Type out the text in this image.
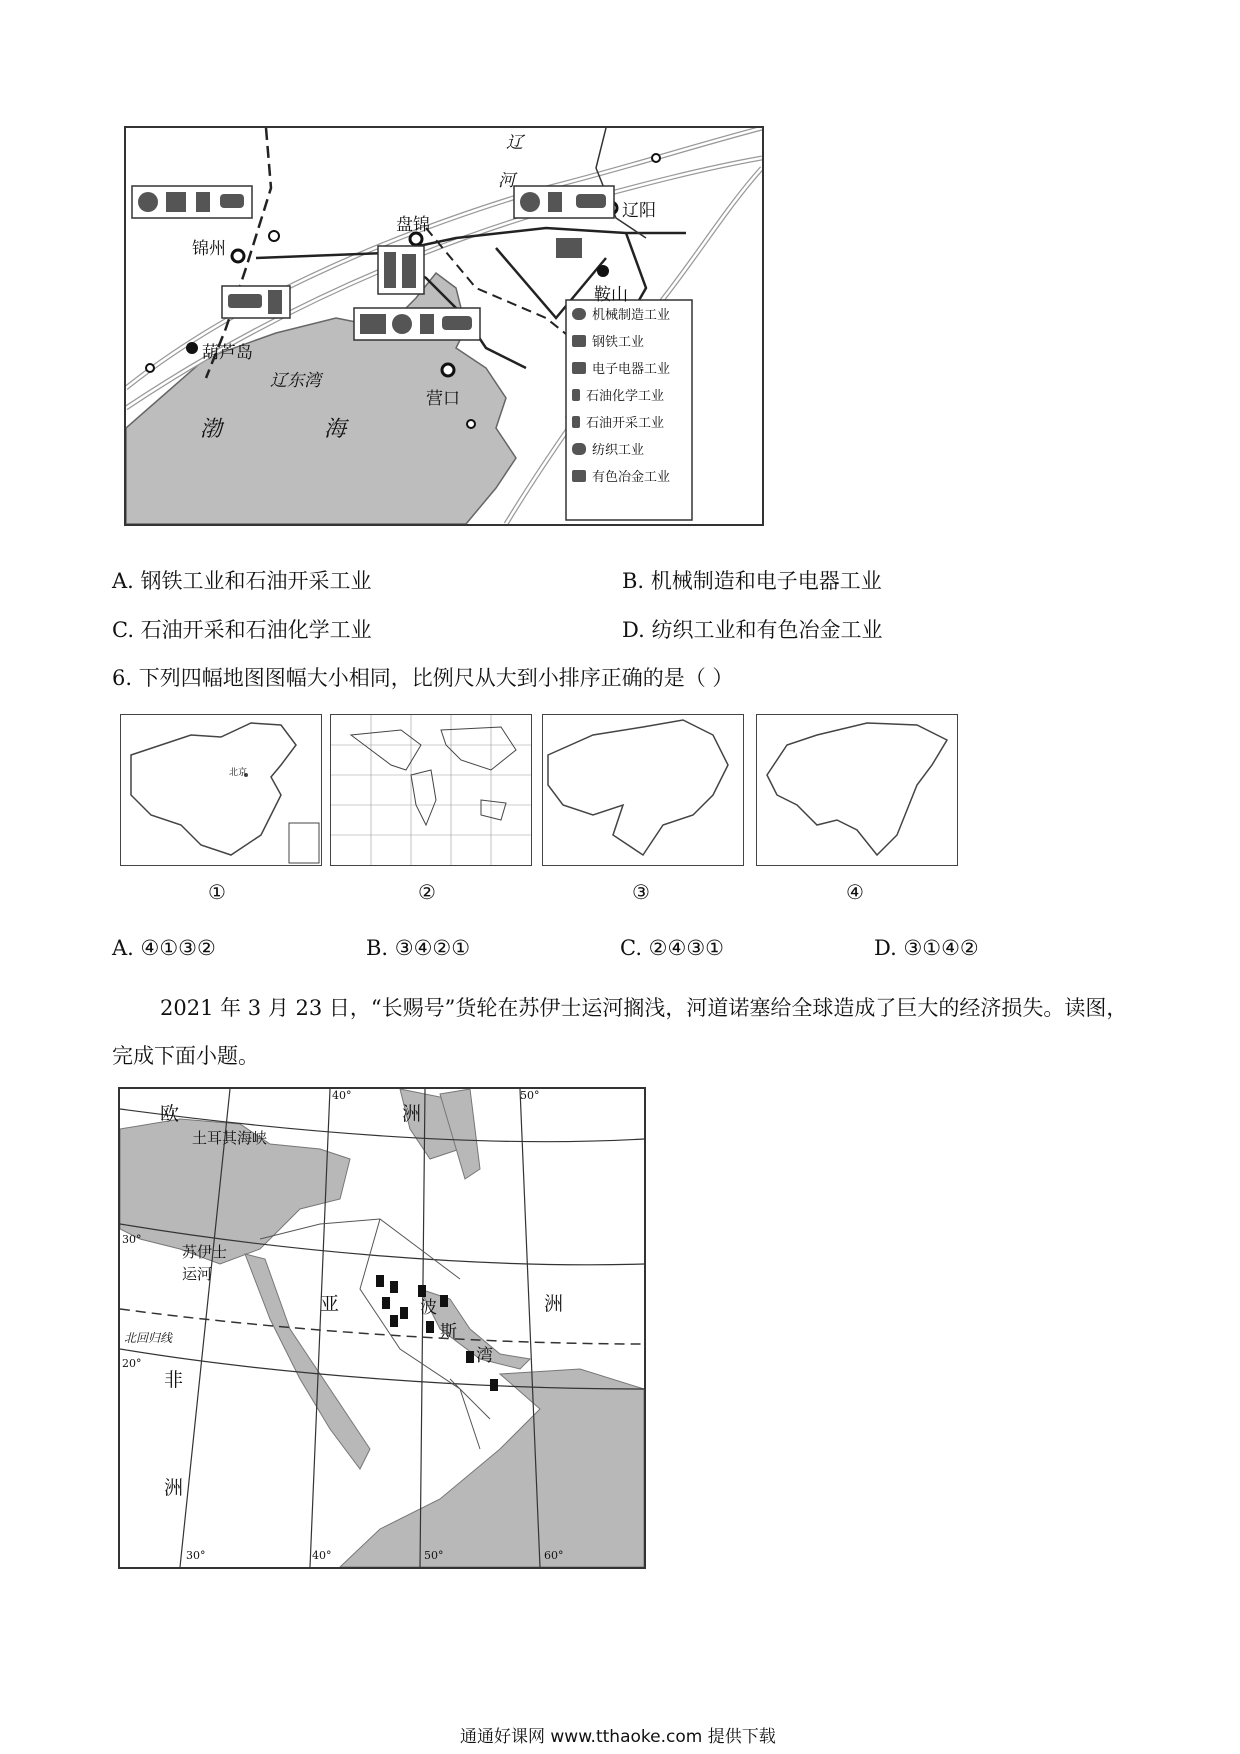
锦州
盘锦
辽阳
鞍山
葫芦岛
营口
辽
河
辽东湾
渤	海
机械制造工业
钢铁工业
电子电器工业
石油化学工业
石油开采工业
纺织工业
有色冶金工业
A. 钢铁工业和石油开采工业	B. 机械制造和电子电器工业
C. 石油开采和石油化学工业	D. 纺织工业和有色冶金工业
6. 下列四幅地图图幅大小相同，比例尺从大到小排序正确的是（ ）
北京
①	②	③	④
A. ④①③②	B. ③④②①	C. ②④③①	D. ③①④②
2021 年 3 月 23 日，“长赐号”货轮在苏伊士运河搁浅，河道诺塞给全球造成了巨大的经济损失。读图，
完成下面小题。
欧	洲
土耳其海峡
苏伊士
运河
亚	洲
非
洲
北回归线
波
斯
湾
30°
20°
30°	40°	50°	60°
40°	50°
通通好课网 www.tthaoke.com 提供下载
